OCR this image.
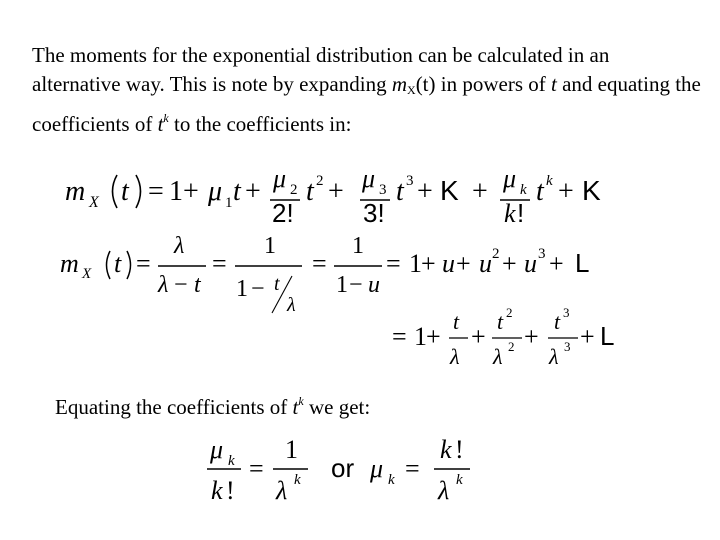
The moments for the exponential distribution can be calculated in an alternative way. This is note by expanding $m_X(t)$ in powers of t and equating the coefficients of $t^k$ to the coefficients in:
m X t = 1 + μ 1 t + μ 2
2!
t 2 + μ 3
3!
t 3 + K + μ k
k !
t k + K
m X t =
λ
λ − t
=
1
1 − t
λ
=
1
1 − u
= 1 + u + u 2 + u 3 + L
= 1 +
t
λ
+
t 2
λ 2 +
t 3
λ 3 + L
μ k
k !
=
1
λ k or μ k =
k !
λ k
Equating the coefficients of $t^k$ we get:
